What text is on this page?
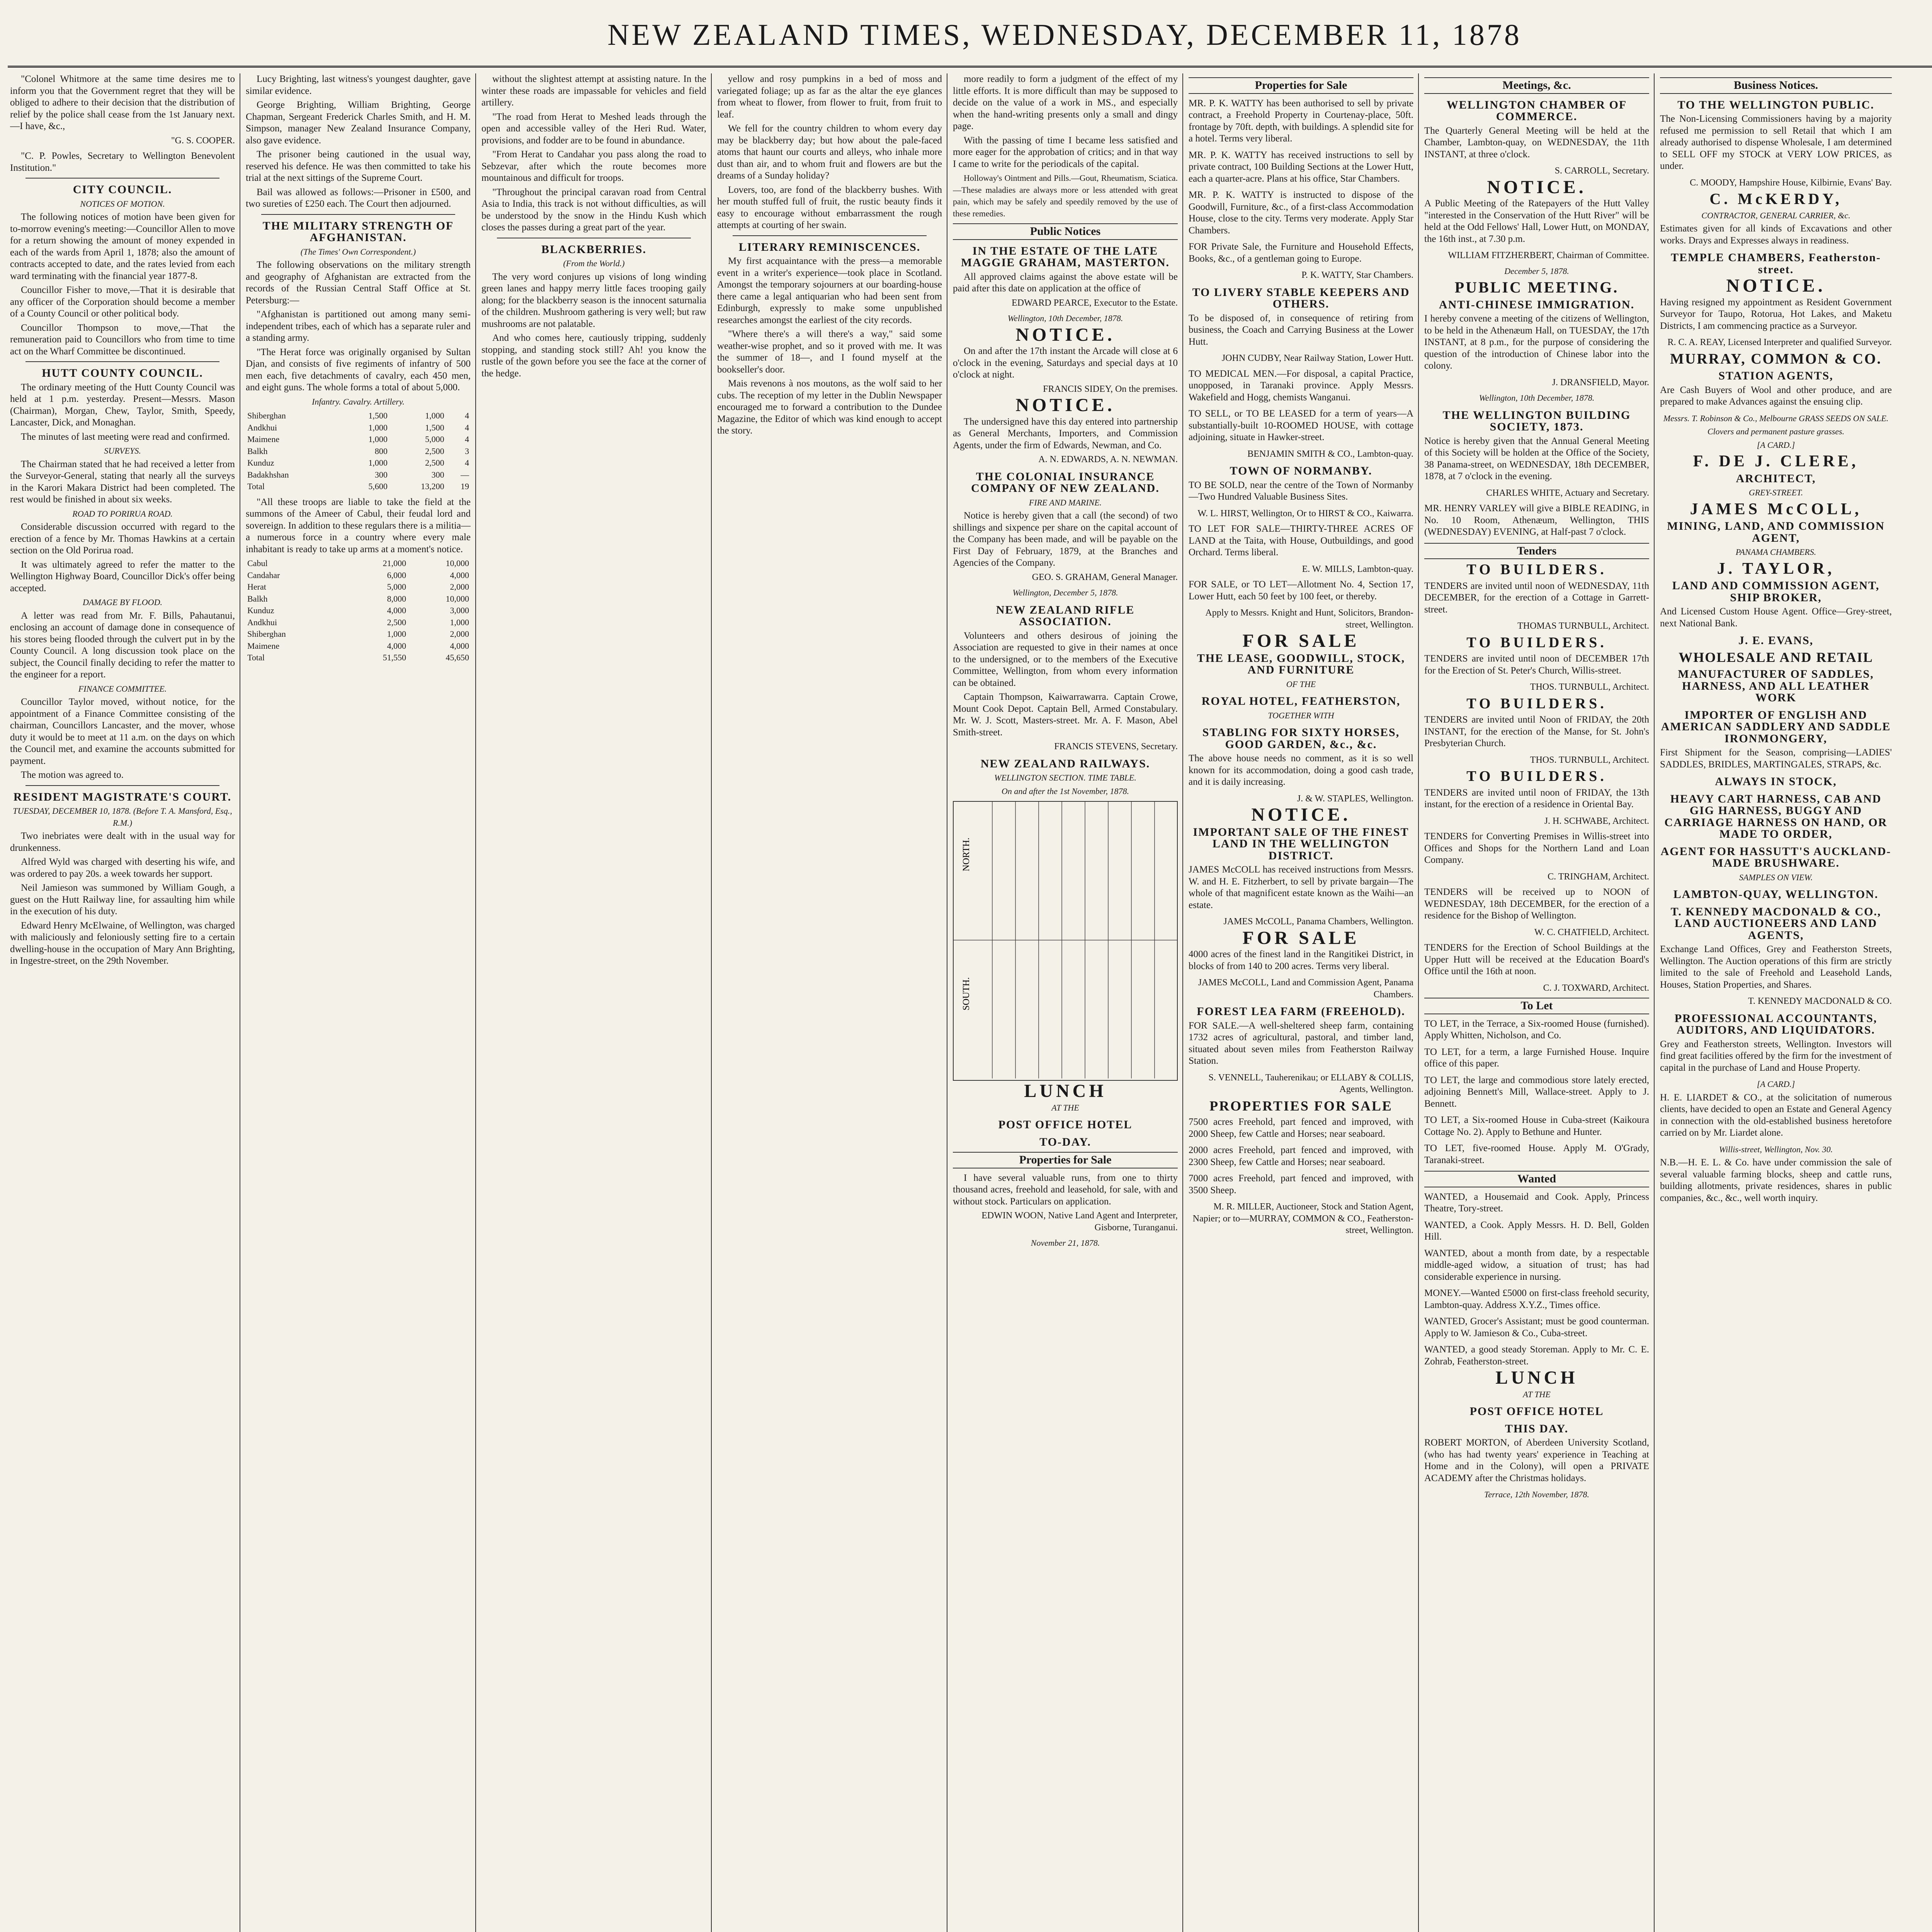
NEW ZEALAND TIMES, WEDNESDAY, DECEMBER 11, 1878

"Colonel Whitmore at the same time desires me to inform you that the Government regret that they will be obliged to adhere to their decision that the distribution of relief by the police shall cease from the 1st January next.—I have, &c.,

"G. S. COOPER.

"C. P. Powles, Secretary to Wellington Benevolent Institution."

CITY COUNCIL.

NOTICES OF MOTION.

The following notices of motion have been given for to-morrow evening's meeting:—Councillor Allen to move for a return showing the amount of money expended in each of the wards from April 1, 1878; also the amount of contracts accepted to date, and the rates levied from each ward terminating with the financial year 1877-8.

Councillor Fisher to move,—That it is desirable that any officer of the Corporation should become a member of a County Council or other political body.

Councillor Thompson to move,—That the remuneration paid to Councillors who from time to time act on the Wharf Committee be discontinued.

HUTT COUNTY COUNCIL.

The ordinary meeting of the Hutt County Council was held at 1 p.m. yesterday. Present—Messrs. Mason (Chairman), Morgan, Chew, Taylor, Smith, Speedy, Lancaster, Dick, and Monaghan.

The minutes of last meeting were read and confirmed.

SURVEYS.

The Chairman stated that he had received a letter from the Surveyor-General, stating that nearly all the surveys in the Karori Makara District had been completed. The rest would be finished in about six weeks.

ROAD TO PORIRUA ROAD.

Considerable discussion occurred with regard to the erection of a fence by Mr. Thomas Hawkins at a certain section on the Old Porirua road.

It was ultimately agreed to refer the matter to the Wellington Highway Board, Councillor Dick's offer being accepted.

DAMAGE BY FLOOD.

A letter was read from Mr. F. Bills, Pahautanui, enclosing an account of damage done in consequence of his stores being flooded through the culvert put in by the County Council. A long discussion took place on the subject, the Council finally deciding to refer the matter to the engineer for a report.

FINANCE COMMITTEE.

Councillor Taylor moved, without notice, for the appointment of a Finance Committee consisting of the chairman, Councillors Lancaster, and the mover, whose duty it would be to meet at 11 a.m. on the days on which the Council met, and examine the accounts submitted for payment.

The motion was agreed to.

RESIDENT MAGISTRATE'S COURT.

TUESDAY, DECEMBER 10, 1878. (Before T. A. Mansford, Esq., R.M.)

Two inebriates were dealt with in the usual way for drunkenness.

Alfred Wyld was charged with deserting his wife, and was ordered to pay 20s. a week towards her support.

Neil Jamieson was summoned by William Gough, a guest on the Hutt Railway line, for assaulting him while in the execution of his duty.

Edward Henry McElwaine, of Wellington, was charged with maliciously and feloniously setting fire to a certain dwelling-house in the occupation of Mary Ann Brighting, in Ingestre-street, on the 29th November.

Lucy Brighting, last witness's youngest daughter, gave similar evidence.

George Brighting, William Brighting, George Chapman, Sergeant Frederick Charles Smith, and H. M. Simpson, manager New Zealand Insurance Company, also gave evidence.

The prisoner being cautioned in the usual way, reserved his defence. He was then committed to take his trial at the next sittings of the Supreme Court.

Bail was allowed as follows:—Prisoner in £500, and two sureties of £250 each. The Court then adjourned.

THE MILITARY STRENGTH OF AFGHANISTAN.

(The Times' Own Correspondent.)

The following observations on the military strength and geography of Afghanistan are extracted from the records of the Russian Central Staff Office at St. Petersburg:—

"Afghanistan is partitioned out among many semi-independent tribes, each of which has a separate ruler and a standing army.

"The Herat force was originally organised by Sultan Djan, and consists of five regiments of infantry of 500 men each, five detachments of cavalry, each 450 men, and eight guns. The whole forms a total of about 5,000.

Infantry. Cavalry. Artillery.

Shiberghan	1,500	1,000	4
Andkhui	1,000	1,500	4
Maimene	1,000	5,000	4
Balkh	800	2,500	3
Kunduz	1,000	2,500	4
Badakhshan	300	300	—
Total	5,600	13,200	19

"All these troops are liable to take the field at the summons of the Ameer of Cabul, their feudal lord and sovereign. In addition to these regulars there is a militia—a numerous force in a country where every male inhabitant is ready to take up arms at a moment's notice.

Cabul	21,000	10,000
Candahar	6,000	4,000
Herat	5,000	2,000
Balkh	8,000	10,000
Kunduz	4,000	3,000
Andkhui	2,500	1,000
Shiberghan	1,000	2,000
Maimene	4,000	4,000
Total	51,550	45,650

without the slightest attempt at assisting nature. In the winter these roads are impassable for vehicles and field artillery.

"The road from Herat to Meshed leads through the open and accessible valley of the Heri Rud. Water, provisions, and fodder are to be found in abundance.

"From Herat to Candahar you pass along the road to Sebzevar, after which the route becomes more mountainous and difficult for troops.

"Throughout the principal caravan road from Central Asia to India, this track is not without difficulties, as will be understood by the snow in the Hindu Kush which closes the passes during a great part of the year.

BLACKBERRIES.

(From the World.)

The very word conjures up visions of long winding green lanes and happy merry little faces trooping gaily along; for the blackberry season is the innocent saturnalia of the children. Mushroom gathering is very well; but raw mushrooms are not palatable.

And who comes here, cautiously tripping, suddenly stopping, and standing stock still? Ah! you know the rustle of the gown before you see the face at the corner of the hedge.

yellow and rosy pumpkins in a bed of moss and variegated foliage; up as far as the altar the eye glances from wheat to flower, from flower to fruit, from fruit to leaf.

We fell for the country children to whom every day may be blackberry day; but how about the pale-faced atoms that haunt our courts and alleys, who inhale more dust than air, and to whom fruit and flowers are but the dreams of a Sunday holiday?

Lovers, too, are fond of the blackberry bushes. With her mouth stuffed full of fruit, the rustic beauty finds it easy to encourage without embarrassment the rough attempts at courting of her swain.

LITERARY REMINISCENCES.

My first acquaintance with the press—a memorable event in a writer's experience—took place in Scotland. Amongst the temporary sojourners at our boarding-house there came a legal antiquarian who had been sent from Edinburgh, expressly to make some unpublished researches amongst the earliest of the city records.

"Where there's a will there's a way," said some weather-wise prophet, and so it proved with me. It was the summer of 18—, and I found myself at the bookseller's door.

Mais revenons à nos moutons, as the wolf said to her cubs. The reception of my letter in the Dublin Newspaper encouraged me to forward a contribution to the Dundee Magazine, the Editor of which was kind enough to accept the story.

more readily to form a judgment of the effect of my little efforts. It is more difficult than may be supposed to decide on the value of a work in MS., and especially when the hand-writing presents only a small and dingy page.

With the passing of time I became less satisfied and more eager for the approbation of critics; and in that way I came to write for the periodicals of the capital.

Holloway's Ointment and Pills.—Gout, Rheumatism, Sciatica.—These maladies are always more or less attended with great pain, which may be safely and speedily removed by the use of these remedies.

Public Notices

IN THE ESTATE OF THE LATE MAGGIE GRAHAM, MASTERTON.

All approved claims against the above estate will be paid after this date on application at the office of

EDWARD PEARCE, Executor to the Estate.

Wellington, 10th December, 1878.

NOTICE.

On and after the 17th instant the Arcade will close at 6 o'clock in the evening, Saturdays and special days at 10 o'clock at night.

FRANCIS SIDEY, On the premises.

NOTICE.

The undersigned have this day entered into partnership as General Merchants, Importers, and Commission Agents, under the firm of Edwards, Newman, and Co.

A. N. EDWARDS, A. N. NEWMAN.

THE COLONIAL INSURANCE COMPANY OF NEW ZEALAND.

FIRE AND MARINE.

Notice is hereby given that a call (the second) of two shillings and sixpence per share on the capital account of the Company has been made, and will be payable on the First Day of February, 1879, at the Branches and Agencies of the Company.

GEO. S. GRAHAM, General Manager.

Wellington, December 5, 1878.

NEW ZEALAND RIFLE ASSOCIATION.

Volunteers and others desirous of joining the Association are requested to give in their names at once to the undersigned, or to the members of the Executive Committee, Wellington, from whom every information can be obtained.

Captain Thompson, Kaiwarrawarra. Captain Crowe, Mount Cook Depot. Captain Bell, Armed Constabulary. Mr. W. J. Scott, Masters-street. Mr. A. F. Mason, Abel Smith-street.

FRANCIS STEVENS, Secretary.

NEW ZEALAND RAILWAYS.

WELLINGTON SECTION. TIME TABLE.

On and after the 1st November, 1878.

NORTH.
SOUTH.

LUNCH

AT THE

POST OFFICE HOTEL

TO-DAY.

Properties for Sale

I have several valuable runs, from one to thirty thousand acres, freehold and leasehold, for sale, with and without stock. Particulars on application.

EDWIN WOON, Native Land Agent and Interpreter, Gisborne, Turanganui.

November 21, 1878.

Properties for Sale

MR. P. K. WATTY has been authorised to sell by private contract, a Freehold Property in Courtenay-place, 50ft. frontage by 70ft. depth, with buildings. A splendid site for a hotel. Terms very liberal.

MR. P. K. WATTY has received instructions to sell by private contract, 100 Building Sections at the Lower Hutt, each a quarter-acre. Plans at his office, Star Chambers.

MR. P. K. WATTY is instructed to dispose of the Goodwill, Furniture, &c., of a first-class Accommodation House, close to the city. Terms very moderate. Apply Star Chambers.

FOR Private Sale, the Furniture and Household Effects, Books, &c., of a gentleman going to Europe.

P. K. WATTY, Star Chambers.

TO LIVERY STABLE KEEPERS AND OTHERS.

To be disposed of, in consequence of retiring from business, the Coach and Carrying Business at the Lower Hutt.

JOHN CUDBY, Near Railway Station, Lower Hutt.

TO MEDICAL MEN.—For disposal, a capital Practice, unopposed, in Taranaki province. Apply Messrs. Wakefield and Hogg, chemists Wanganui.

TO SELL, or TO BE LEASED for a term of years—A substantially-built 10-ROOMED HOUSE, with cottage adjoining, situate in Hawker-street.

BENJAMIN SMITH & CO., Lambton-quay.

TOWN OF NORMANBY.

TO BE SOLD, near the centre of the Town of Normanby—Two Hundred Valuable Business Sites.

W. L. HIRST, Wellington, Or to HIRST & CO., Kaiwarra.

TO LET FOR SALE—THIRTY-THREE ACRES OF LAND at the Taita, with House, Outbuildings, and good Orchard. Terms liberal.

E. W. MILLS, Lambton-quay.

FOR SALE, or TO LET—Allotment No. 4, Section 17, Lower Hutt, each 50 feet by 100 feet, or thereby.

Apply to Messrs. Knight and Hunt, Solicitors, Brandon-street, Wellington.

FOR SALE

THE LEASE, GOODWILL, STOCK, AND FURNITURE

OF THE

ROYAL HOTEL, FEATHERSTON,

TOGETHER WITH

STABLING FOR SIXTY HORSES, GOOD GARDEN, &c., &c.

The above house needs no comment, as it is so well known for its accommodation, doing a good cash trade, and it is daily increasing.

J. & W. STAPLES, Wellington.

NOTICE.

IMPORTANT SALE OF THE FINEST LAND IN THE WELLINGTON DISTRICT.

JAMES McCOLL has received instructions from Messrs. W. and H. E. Fitzherbert, to sell by private bargain—The whole of that magnificent estate known as the Waihi—an estate.

JAMES McCOLL, Panama Chambers, Wellington.

FOR SALE

4000 acres of the finest land in the Rangitikei District, in blocks of from 140 to 200 acres. Terms very liberal.

JAMES McCOLL, Land and Commission Agent, Panama Chambers.

FOREST LEA FARM (FREEHOLD).

FOR SALE.—A well-sheltered sheep farm, containing 1732 acres of agricultural, pastoral, and timber land, situated about seven miles from Featherston Railway Station.

S. VENNELL, Tauherenikau; or ELLABY & COLLIS, Agents, Wellington.

PROPERTIES FOR SALE

7500 acres Freehold, part fenced and improved, with 2000 Sheep, few Cattle and Horses; near seaboard.

2000 acres Freehold, part fenced and improved, with 2300 Sheep, few Cattle and Horses; near seaboard.

7000 acres Freehold, part fenced and improved, with 3500 Sheep.

M. R. MILLER, Auctioneer, Stock and Station Agent, Napier; or to—MURRAY, COMMON & CO., Featherston-street, Wellington.

Meetings, &c.

WELLINGTON CHAMBER OF COMMERCE.

The Quarterly General Meeting will be held at the Chamber, Lambton-quay, on WEDNESDAY, the 11th INSTANT, at three o'clock.

S. CARROLL, Secretary.

NOTICE.

A Public Meeting of the Ratepayers of the Hutt Valley "interested in the Conservation of the Hutt River" will be held at the Odd Fellows' Hall, Lower Hutt, on MONDAY, the 16th inst., at 7.30 p.m.

WILLIAM FITZHERBERT, Chairman of Committee.

December 5, 1878.

PUBLIC MEETING.

ANTI-CHINESE IMMIGRATION.

I hereby convene a meeting of the citizens of Wellington, to be held in the Athenæum Hall, on TUESDAY, the 17th INSTANT, at 8 p.m., for the purpose of considering the question of the introduction of Chinese labor into the colony.

J. DRANSFIELD, Mayor.

Wellington, 10th December, 1878.

THE WELLINGTON BUILDING SOCIETY, 1873.

Notice is hereby given that the Annual General Meeting of this Society will be holden at the Office of the Society, 38 Panama-street, on WEDNESDAY, 18th DECEMBER, 1878, at 7 o'clock in the evening.

CHARLES WHITE, Actuary and Secretary.

MR. HENRY VARLEY will give a BIBLE READING, in No. 10 Room, Athenæum, Wellington, THIS (WEDNESDAY) EVENING, at Half-past 7 o'clock.

Tenders

TO BUILDERS.

TENDERS are invited until noon of WEDNESDAY, 11th DECEMBER, for the erection of a Cottage in Garrett-street.

THOMAS TURNBULL, Architect.

TO BUILDERS.

TENDERS are invited until noon of DECEMBER 17th for the Erection of St. Peter's Church, Willis-street.

THOS. TURNBULL, Architect.

TO BUILDERS.

TENDERS are invited until Noon of FRIDAY, the 20th INSTANT, for the erection of the Manse, for St. John's Presbyterian Church.

THOS. TURNBULL, Architect.

TO BUILDERS.

TENDERS are invited until noon of FRIDAY, the 13th instant, for the erection of a residence in Oriental Bay.

J. H. SCHWABE, Architect.

TENDERS for Converting Premises in Willis-street into Offices and Shops for the Northern Land and Loan Company.

C. TRINGHAM, Architect.

TENDERS will be received up to NOON of WEDNESDAY, 18th DECEMBER, for the erection of a residence for the Bishop of Wellington.

W. C. CHATFIELD, Architect.

TENDERS for the Erection of School Buildings at the Upper Hutt will be received at the Education Board's Office until the 16th at noon.

C. J. TOXWARD, Architect.

To Let

TO LET, in the Terrace, a Six-roomed House (furnished). Apply Whitten, Nicholson, and Co.

TO LET, for a term, a large Furnished House. Inquire office of this paper.

TO LET, the large and commodious store lately erected, adjoining Bennett's Mill, Wallace-street. Apply to J. Bennett.

TO LET, a Six-roomed House in Cuba-street (Kaikoura Cottage No. 2). Apply to Bethune and Hunter.

TO LET, five-roomed House. Apply M. O'Grady, Taranaki-street.

Wanted

WANTED, a Housemaid and Cook. Apply, Princess Theatre, Tory-street.

WANTED, a Cook. Apply Messrs. H. D. Bell, Golden Hill.

WANTED, about a month from date, by a respectable middle-aged widow, a situation of trust; has had considerable experience in nursing.

MONEY.—Wanted £5000 on first-class freehold security, Lambton-quay. Address X.Y.Z., Times office.

WANTED, Grocer's Assistant; must be good counterman. Apply to W. Jamieson & Co., Cuba-street.

WANTED, a good steady Storeman. Apply to Mr. C. E. Zohrab, Featherston-street.

LUNCH

AT THE

POST OFFICE HOTEL

THIS DAY.

ROBERT MORTON, of Aberdeen University Scotland, (who has had twenty years' experience in Teaching at Home and in the Colony), will open a PRIVATE ACADEMY after the Christmas holidays.

Terrace, 12th November, 1878.

Business Notices.

TO THE WELLINGTON PUBLIC.

The Non-Licensing Commissioners having by a majority refused me permission to sell Retail that which I am already authorised to dispense Wholesale, I am determined to SELL OFF my STOCK at VERY LOW PRICES, as under.

C. MOODY, Hampshire House, Kilbirnie, Evans' Bay.

C. McKERDY,

CONTRACTOR, GENERAL CARRIER, &c.

Estimates given for all kinds of Excavations and other works. Drays and Expresses always in readiness.

TEMPLE CHAMBERS, Featherston-street.

NOTICE.

Having resigned my appointment as Resident Government Surveyor for Taupo, Rotorua, Hot Lakes, and Maketu Districts, I am commencing practice as a Surveyor.

R. C. A. REAY, Licensed Interpreter and qualified Surveyor.

MURRAY, COMMON & CO.

STATION AGENTS,

Are Cash Buyers of Wool and other produce, and are prepared to make Advances against the ensuing clip.

Messrs. T. Robinson & Co., Melbourne GRASS SEEDS ON SALE.

Clovers and permanent pasture grasses.

[A CARD.]

F. DE J. CLERE,

ARCHITECT,

GREY-STREET.

JAMES McCOLL,

MINING, LAND, AND COMMISSION AGENT,

PANAMA CHAMBERS.

J. TAYLOR,

LAND AND COMMISSION AGENT, SHIP BROKER,

And Licensed Custom House Agent. Office—Grey-street, next National Bank.

J. E. EVANS,

WHOLESALE AND RETAIL

MANUFACTURER OF SADDLES, HARNESS, AND ALL LEATHER WORK

IMPORTER OF ENGLISH AND AMERICAN SADDLERY AND SADDLE IRONMONGERY,

First Shipment for the Season, comprising—LADIES' SADDLES, BRIDLES, MARTINGALES, STRAPS, &c.

ALWAYS IN STOCK,

HEAVY CART HARNESS, CAB AND GIG HARNESS, BUGGY AND CARRIAGE HARNESS ON HAND, OR MADE TO ORDER,

AGENT FOR HASSUTT'S AUCKLAND-MADE BRUSHWARE.

SAMPLES ON VIEW.

LAMBTON-QUAY, WELLINGTON.

T. KENNEDY MACDONALD & CO., LAND AUCTIONEERS AND LAND AGENTS,

Exchange Land Offices, Grey and Featherston Streets, Wellington. The Auction operations of this firm are strictly limited to the sale of Freehold and Leasehold Lands, Houses, Station Properties, and Shares.

T. KENNEDY MACDONALD & CO.

PROFESSIONAL ACCOUNTANTS, AUDITORS, AND LIQUIDATORS.

Grey and Featherston streets, Wellington. Investors will find great facilities offered by the firm for the investment of capital in the purchase of Land and House Property.

[A CARD.]

H. E. LIARDET & CO., at the solicitation of numerous clients, have decided to open an Estate and General Agency in connection with the old-established business heretofore carried on by Mr. Liardet alone.

Willis-street, Wellington, Nov. 30.

N.B.—H. E. L. & Co. have under commission the sale of several valuable farming blocks, sheep and cattle runs, building allotments, private residences, shares in public companies, &c., &c., well worth inquiry.
